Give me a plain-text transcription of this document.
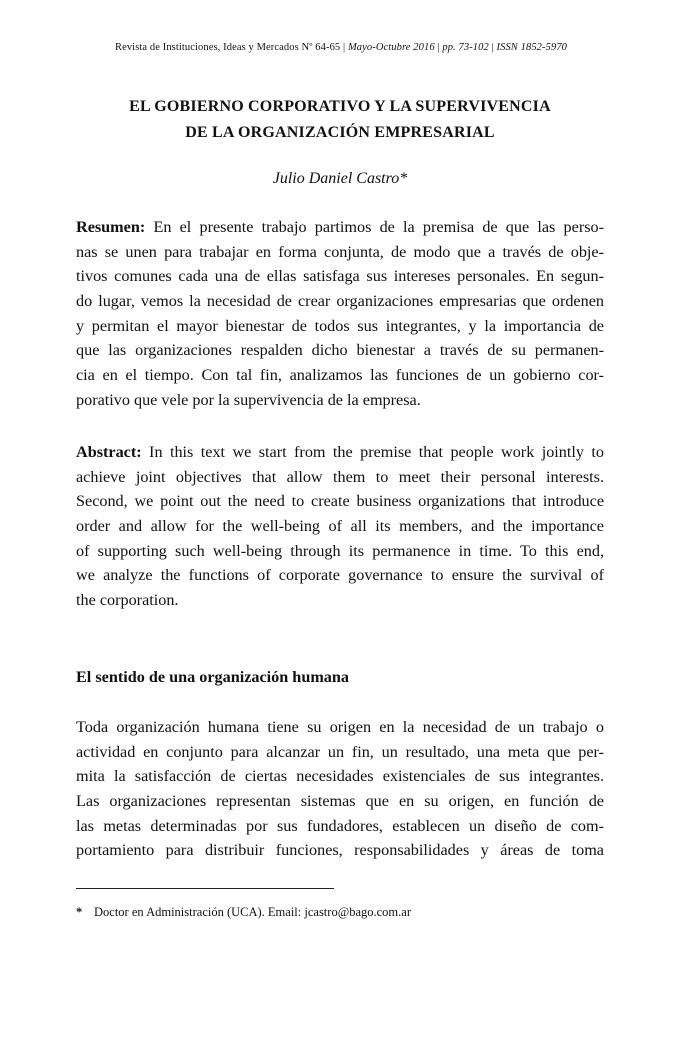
Revista de Instituciones, Ideas y Mercados Nº 64-65 | Mayo-Octubre 2016 | pp. 73-102 | ISSN 1852-5970
EL GOBIERNO CORPORATIVO Y LA SUPERVIVENCIA
DE LA ORGANIZACIÓN EMPRESARIAL
Julio Daniel Castro*
Resumen: En el presente trabajo partimos de la premisa de que las perso-
nas se unen para trabajar en forma conjunta, de modo que a través de obje-
tivos comunes cada una de ellas satisfaga sus intereses personales. En segun-
do lugar, vemos la necesidad de crear organizaciones empresarias que ordenen
y permitan el mayor bienestar de todos sus integrantes, y la importancia de
que las organizaciones respalden dicho bienestar a través de su permanen-
cia en el tiempo. Con tal fin, analizamos las funciones de un gobierno cor-
porativo que vele por la supervivencia de la empresa.
Abstract: In this text we start from the premise that people work jointly to
achieve joint objectives that allow them to meet their personal interests.
Second, we point out the need to create business organizations that introduce
order and allow for the well-being of all its members, and the importance
of supporting such well-being through its permanence in time. To this end,
we analyze the functions of corporate governance to ensure the survival of
the corporation.
El sentido de una organización humana
Toda organización humana tiene su origen en la necesidad de un trabajo o
actividad en conjunto para alcanzar un fin, un resultado, una meta que per-
mita la satisfacción de ciertas necesidades existenciales de sus integrantes.
Las organizaciones representan sistemas que en su origen, en función de
las metas determinadas por sus fundadores, establecen un diseño de com-
portamiento para distribuir funciones, responsabilidades y áreas de toma
* Doctor en Administración (UCA). Email: jcastro@bago.com.ar
